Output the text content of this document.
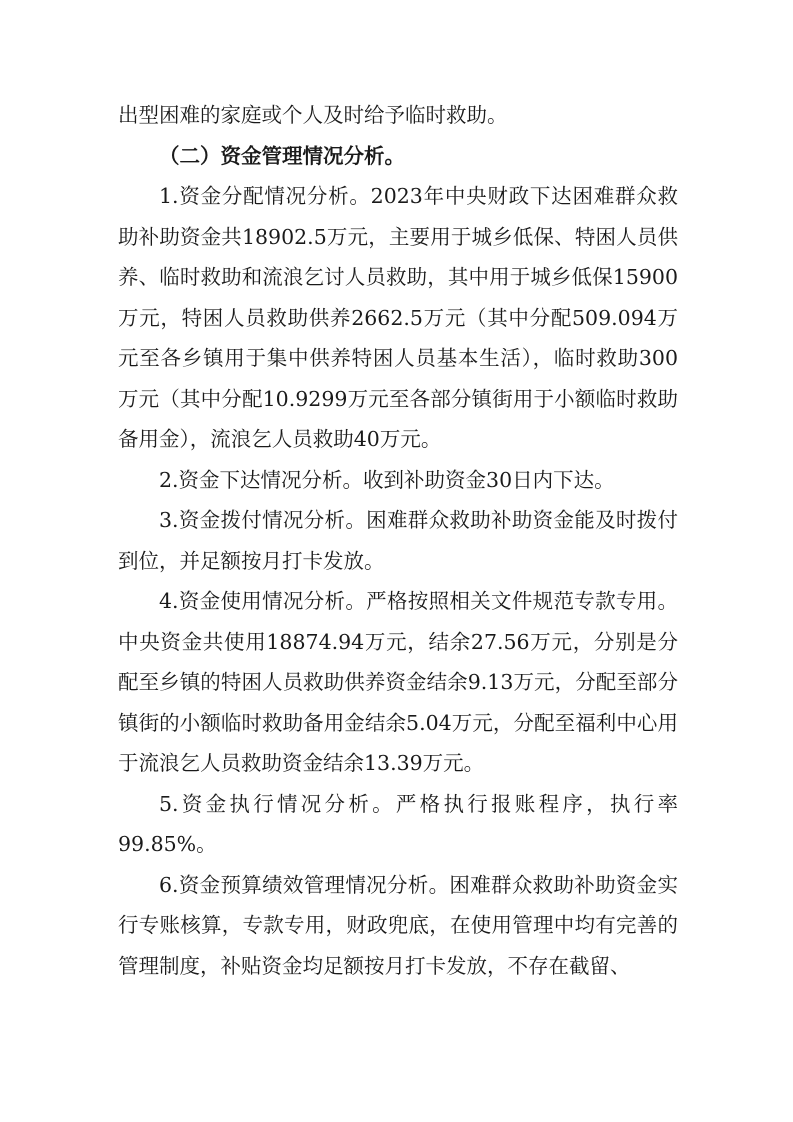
出型困难的家庭或个人及时给予临时救助。

（二）资金管理情况分析。

1.资金分配情况分析。2023年中央财政下达困难群众救助补助资金共18902.5万元，主要用于城乡低保、特困人员供养、临时救助和流浪乞讨人员救助，其中用于城乡低保15900万元，特困人员救助供养2662.5万元（其中分配509.094万元至各乡镇用于集中供养特困人员基本生活），临时救助300万元（其中分配10.9299万元至各部分镇街用于小额临时救助备用金），流浪乞人员救助40万元。

2.资金下达情况分析。收到补助资金30日内下达。

3.资金拨付情况分析。困难群众救助补助资金能及时拨付到位，并足额按月打卡发放。

4.资金使用情况分析。严格按照相关文件规范专款专用。中央资金共使用18874.94万元，结余27.56万元，分别是分配至乡镇的特困人员救助供养资金结余9.13万元，分配至部分镇街的小额临时救助备用金结余5.04万元，分配至福利中心用于流浪乞人员救助资金结余13.39万元。

5.资金执行情况分析。严格执行报账程序，执行率99.85%。

6.资金预算绩效管理情况分析。困难群众救助补助资金实行专账核算，专款专用，财政兜底，在使用管理中均有完善的管理制度，补贴资金均足额按月打卡发放，不存在截留、
